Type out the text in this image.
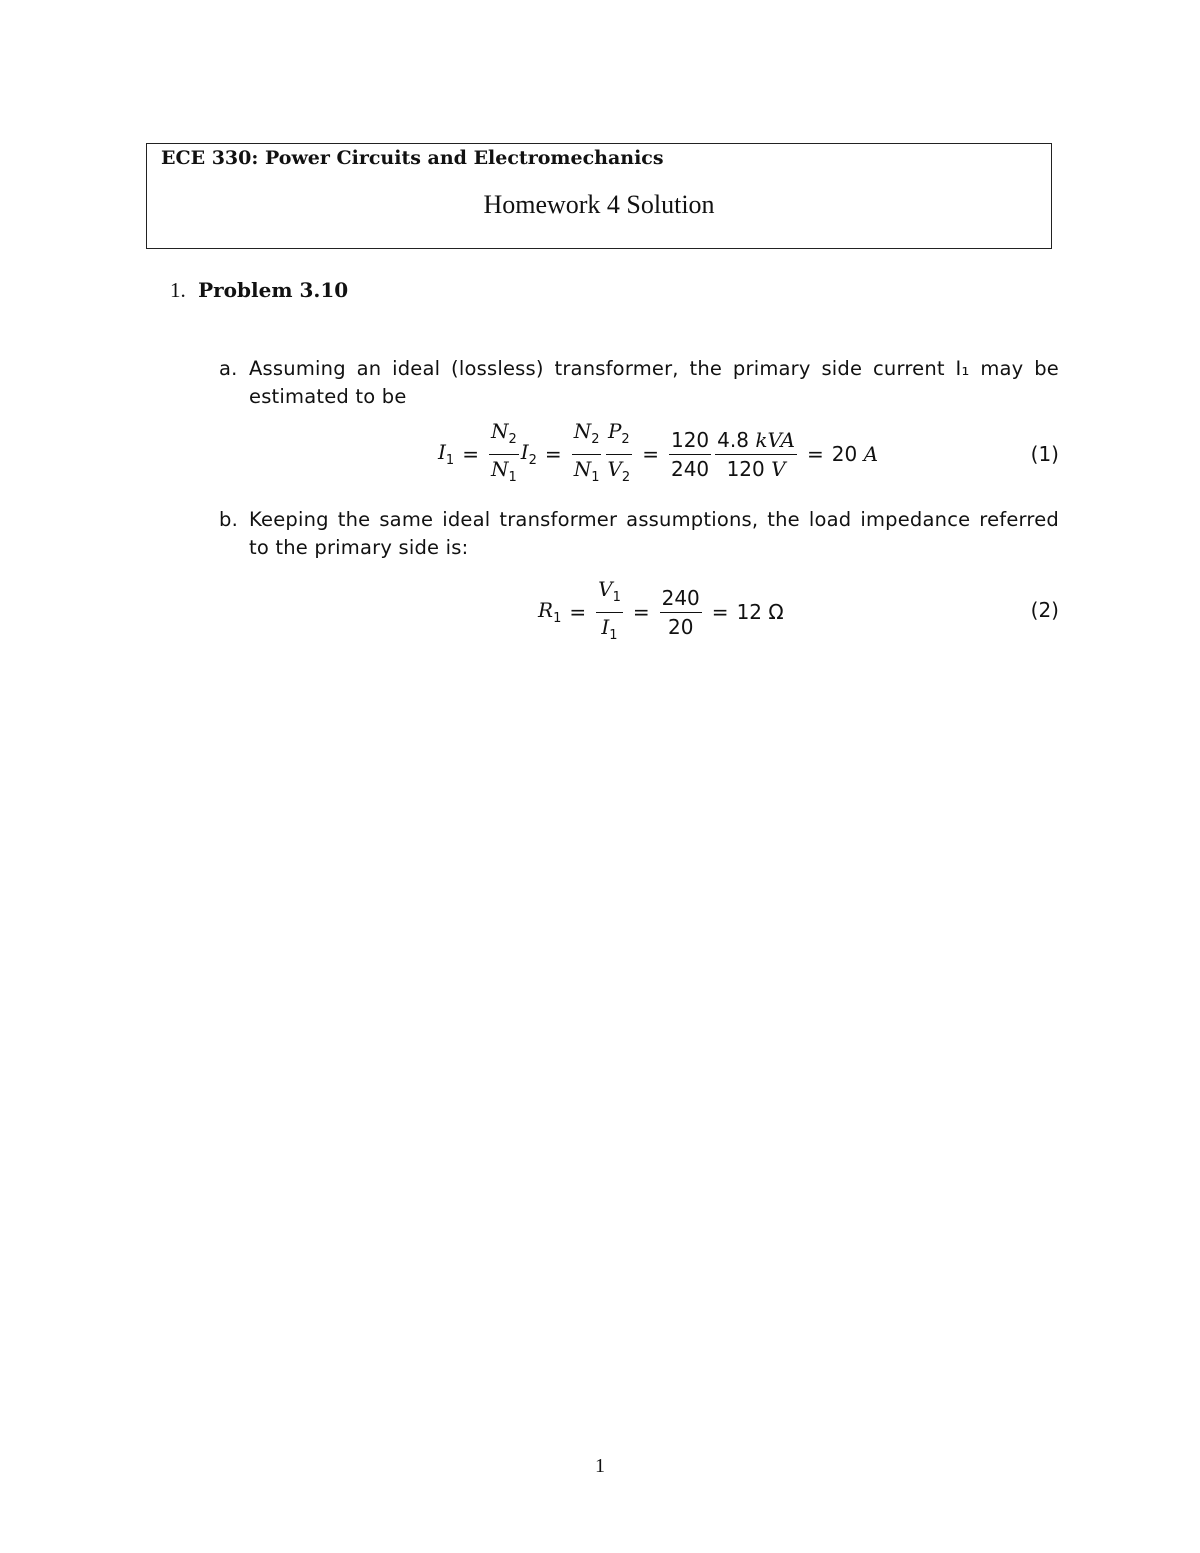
ECE 330: Power Circuits and Electromechanics
Homework 4 Solution
1. Problem 3.10
a. Assuming an ideal (lossless) transformer, the primary side current I₁ may be estimated to be
$I_1 = \frac{N_2}{N_1} I_2 = \frac{N_2}{N_1} \frac{P_2}{V_2} = \frac{120}{240} \frac{\text{4.8 kVA}}{120 V} = 20$ A	(1)
b. Keeping the same ideal transformer assumptions, the load impedance referred to the primary side is:
$R_1 = \frac{V_1}{I_1} = \frac{240}{20} = 12$ Ω	(2)
1
